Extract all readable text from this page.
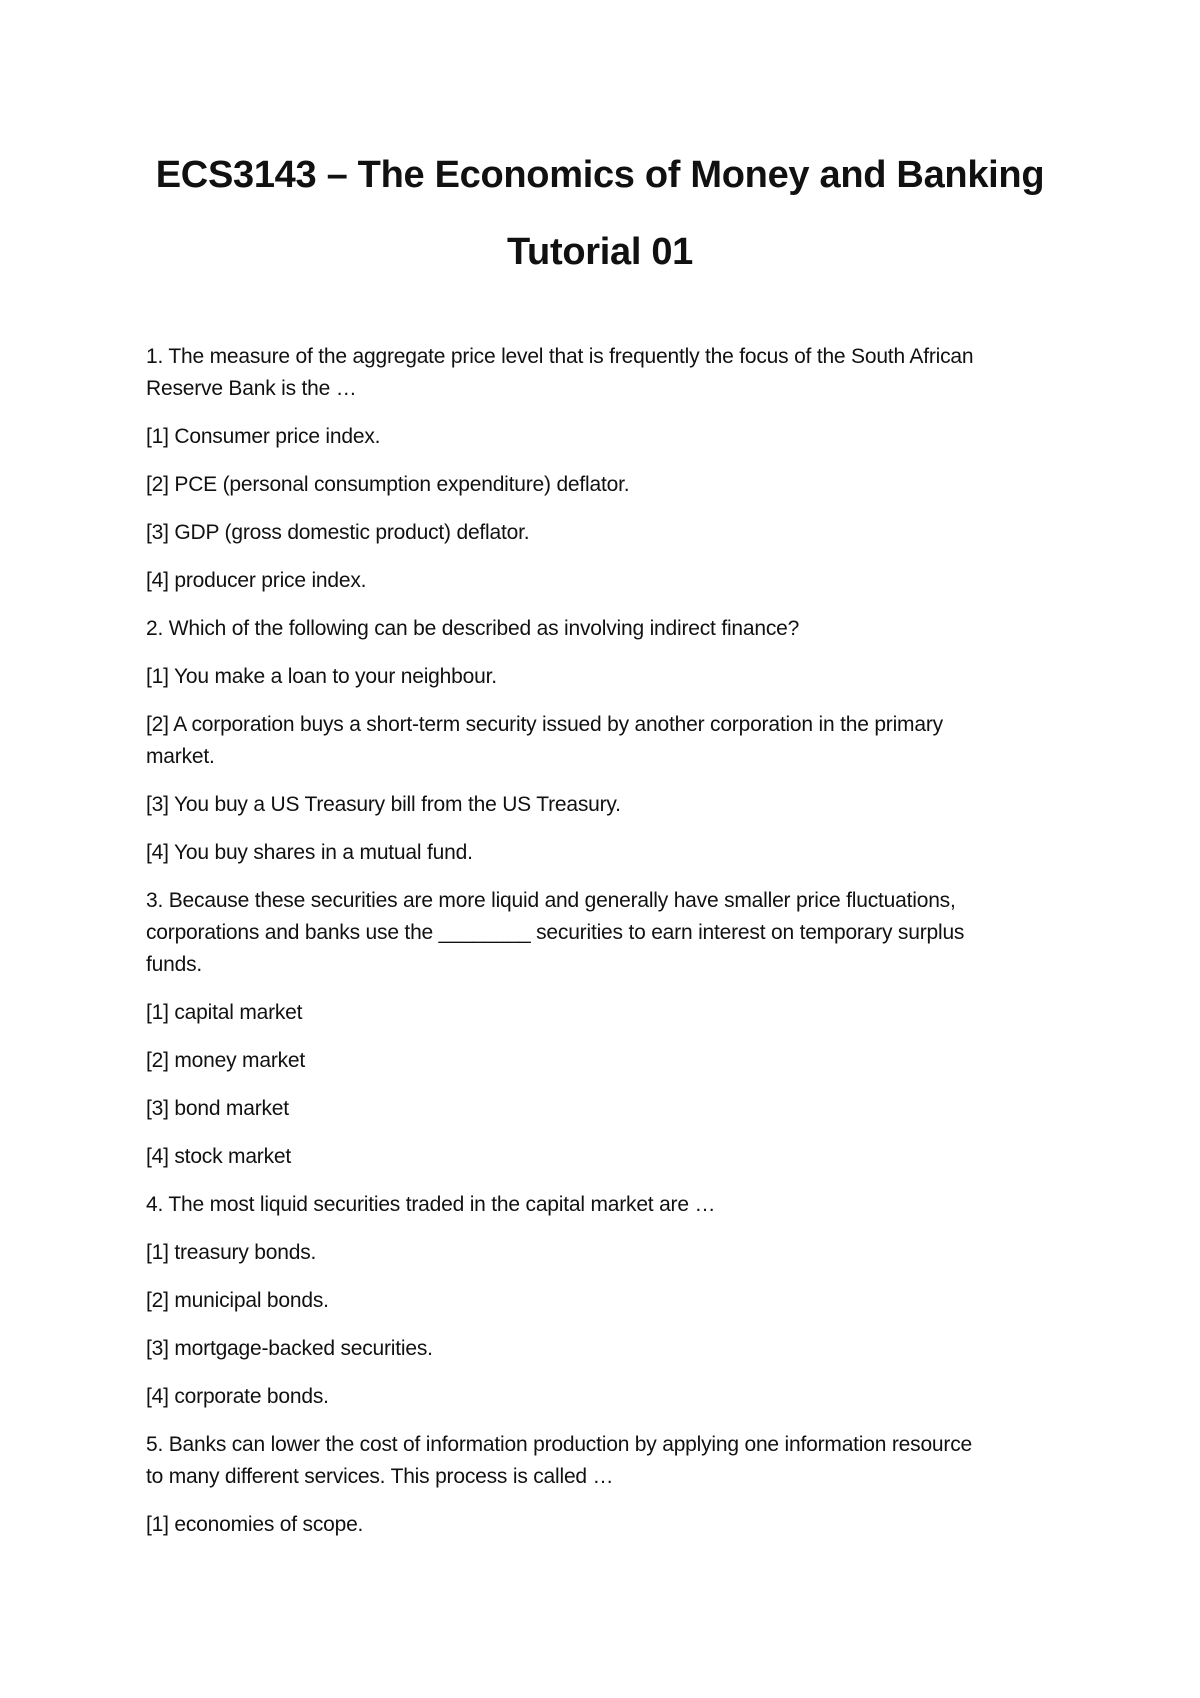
ECS3143 – The Economics of Money and Banking
Tutorial 01
1. The measure of the aggregate price level that is frequently the focus of the South African
Reserve Bank is the …
[1] Consumer price index.
[2] PCE (personal consumption expenditure) deflator.
[3] GDP (gross domestic product) deflator.
[4] producer price index.
2. Which of the following can be described as involving indirect finance?
[1] You make a loan to your neighbour.
[2] A corporation buys a short-term security issued by another corporation in the primary
market.
[3] You buy a US Treasury bill from the US Treasury.
[4] You buy shares in a mutual fund.
3. Because these securities are more liquid and generally have smaller price fluctuations,
corporations and banks use the ________ securities to earn interest on temporary surplus
funds.
[1] capital market
[2] money market
[3] bond market
[4] stock market
4. The most liquid securities traded in the capital market are …
[1] treasury bonds.
[2] municipal bonds.
[3] mortgage-backed securities.
[4] corporate bonds.
5. Banks can lower the cost of information production by applying one information resource
to many different services. This process is called …
[1] economies of scope.
